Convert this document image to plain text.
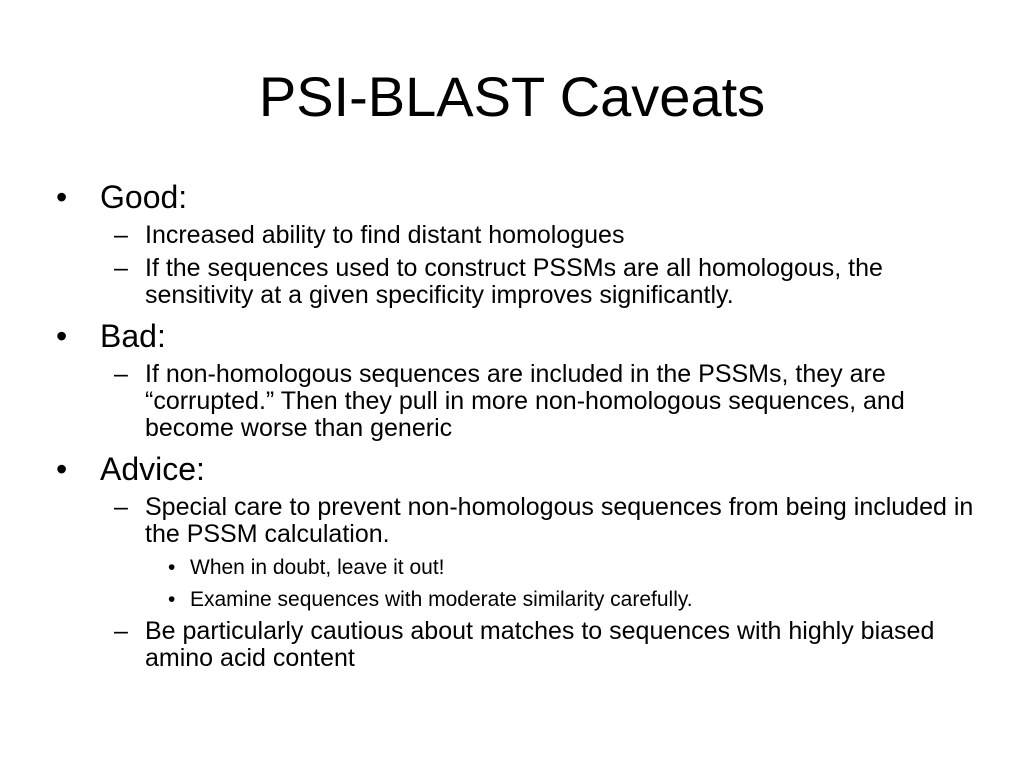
PSI-BLAST Caveats
•	Good:
– Increased ability to find distant homologues
– If the sequences used to construct PSSMs are all homologous, the sensitivity at a given specificity improves significantly.
•	Bad:
– If non-homologous sequences are included in the PSSMs, they are “corrupted.” Then they pull in more non-homologous sequences, and become worse than generic
•	Advice:
– Special care to prevent non-homologous sequences from being included in the PSSM calculation.
• When in doubt, leave it out!
• Examine sequences with moderate similarity carefully.
– Be particularly cautious about matches to sequences with highly biased amino acid content
